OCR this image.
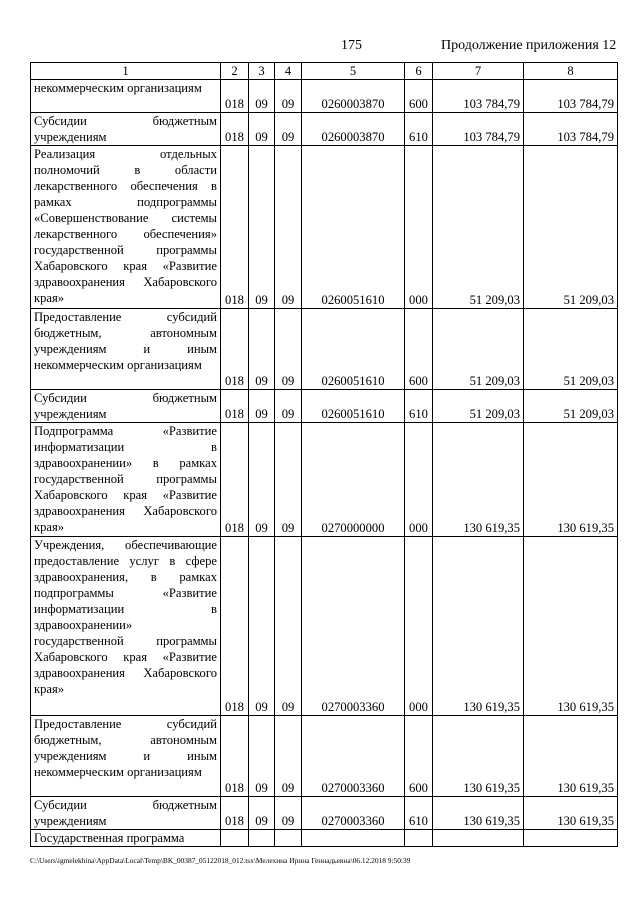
175	Продолжение приложения 12
1	2	3	4	5	6	7	8
некоммерческим организациям	018	09	09	0260003870	600	103 784,79	103 784,79
Субсидии бюджетным учреждениям	018	09	09	0260003870	610	103 784,79	103 784,79
Реализация отдельных полномочий в области лекарственного обеспечения в рамках подпрограммы «Совершенствование системы лекарственного обеспечения» государственной программы Хабаровского края «Развитие здравоохранения Хабаровского края»	018	09	09	0260051610	000	51 209,03	51 209,03
Предоставление субсидий бюджетным, автономным учреждениям и иным некоммерческим организациям	018	09	09	0260051610	600	51 209,03	51 209,03
Субсидии бюджетным учреждениям	018	09	09	0260051610	610	51 209,03	51 209,03
Подпрограмма «Развитие информатизации в здравоохранении» в рамках государственной программы Хабаровского края «Развитие здравоохранения Хабаровского края»	018	09	09	0270000000	000	130 619,35	130 619,35
Учреждения, обеспечивающие предоставление услуг в сфере здравоохранения, в рамках подпрограммы «Развитие информатизации в здравоохранении» государственной программы Хабаровского края «Развитие здравоохранения Хабаровского края»	018	09	09	0270003360	000	130 619,35	130 619,35
Предоставление субсидий бюджетным, автономным учреждениям и иным некоммерческим организациям	018	09	09	0270003360	600	130 619,35	130 619,35
Субсидии бюджетным учреждениям	018	09	09	0270003360	610	130 619,35	130 619,35
Государственная программа							
C:\Users\igmelekhina\AppData\Local\Temp\BK_00387_05122018_012.tsx\Мелехина Ирина Геннадьевна\06.12.2018 9:50:39
